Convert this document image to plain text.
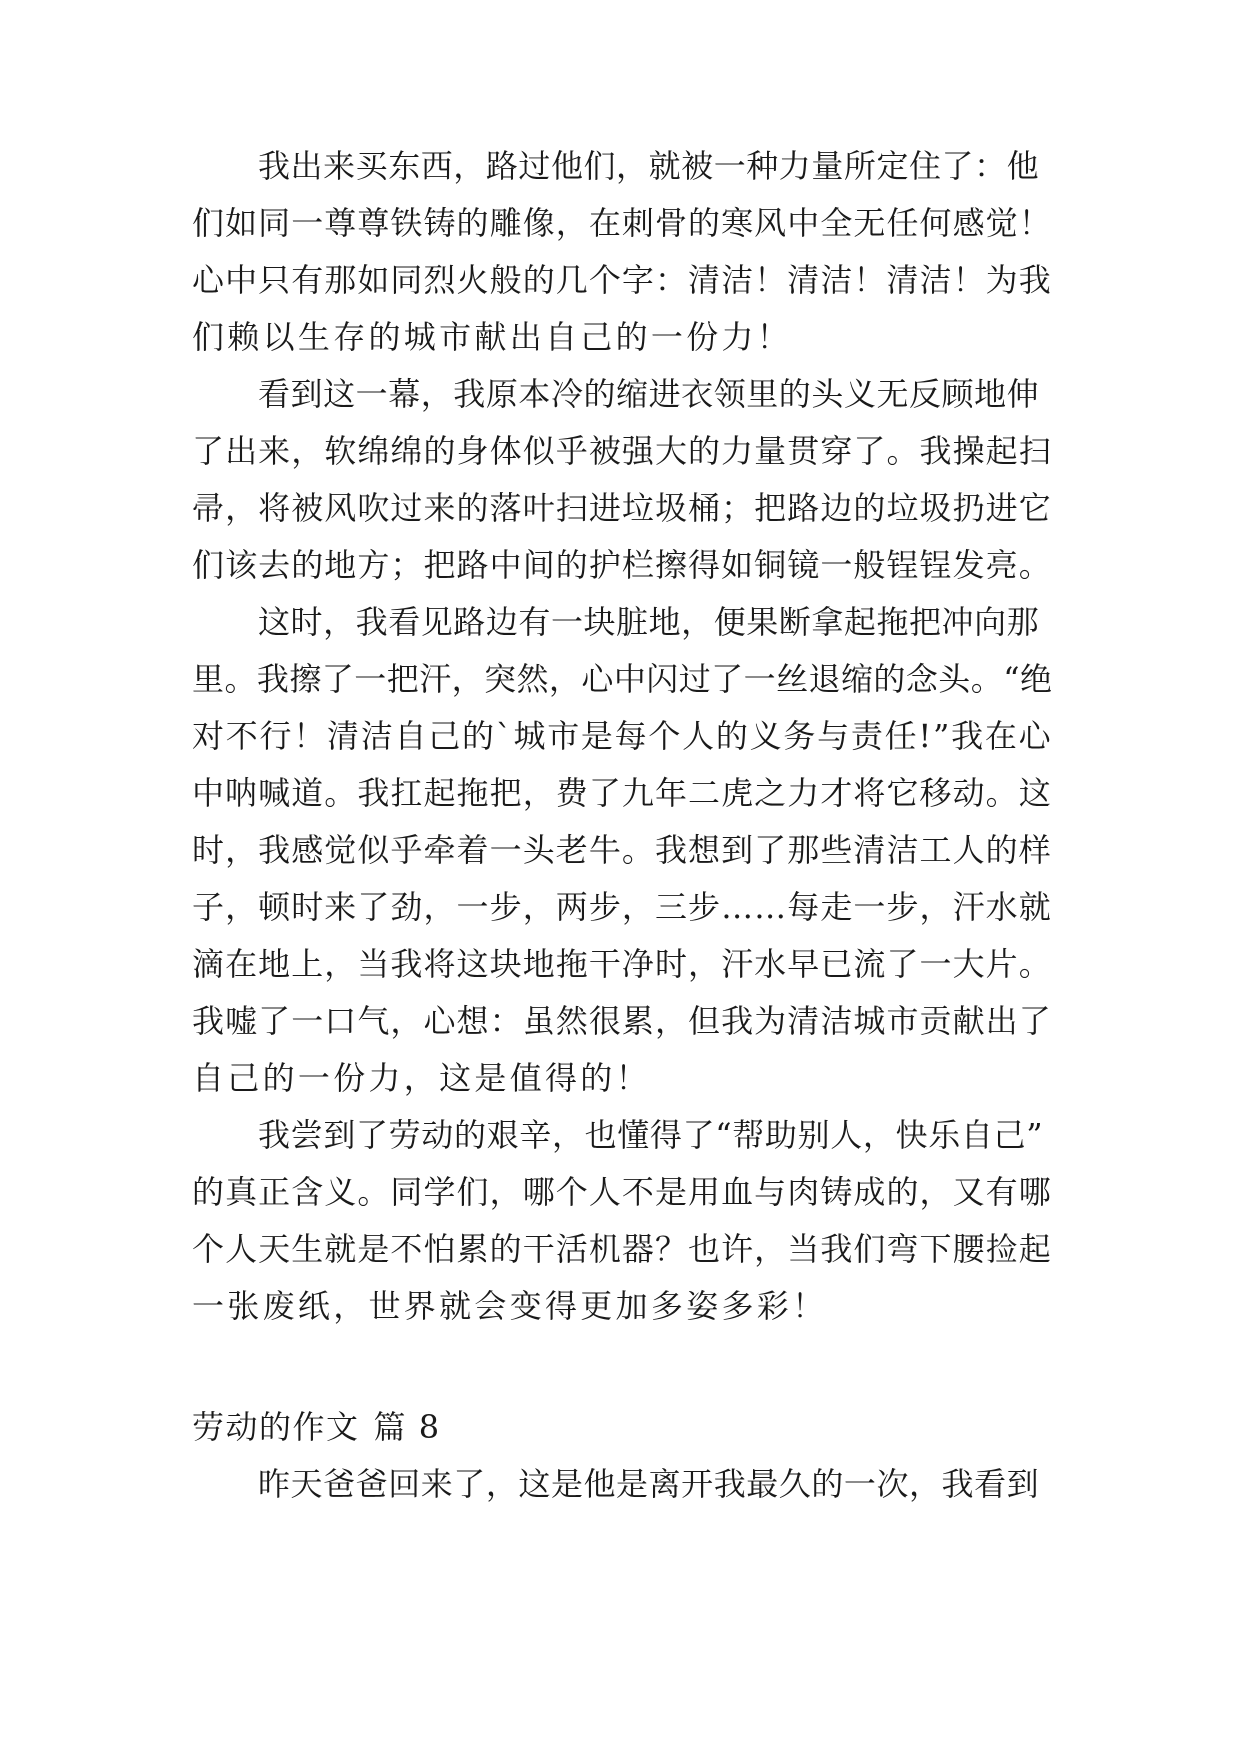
我出来买东西，路过他们，就被一种力量所定住了：他
们如同一尊尊铁铸的雕像，在刺骨的寒风中全无任何感觉！
心中只有那如同烈火般的几个字：清洁！清洁！清洁！为我
们赖以生存的城市献出自己的一份力！
看到这一幕，我原本冷的缩进衣领里的头义无反顾地伸
了出来，软绵绵的身体似乎被强大的力量贯穿了。我操起扫
帚，将被风吹过来的落叶扫进垃圾桶；把路边的垃圾扔进它
们该去的地方；把路中间的护栏擦得如铜镜一般锃锃发亮。
这时，我看见路边有一块脏地，便果断拿起拖把冲向那
里。我擦了一把汗，突然，心中闪过了一丝退缩的念头。“绝
对不行！清洁自己的`城市是每个人的义务与责任!”我在心
中呐喊道。我扛起拖把，费了九年二虎之力才将它移动。这
时，我感觉似乎牵着一头老牛。我想到了那些清洁工人的样
子，顿时来了劲，一步，两步，三步……每走一步，汗水就
滴在地上，当我将这块地拖干净时，汗水早已流了一大片。
我嘘了一口气，心想：虽然很累，但我为清洁城市贡献出了
自己的一份力，这是值得的！
我尝到了劳动的艰辛，也懂得了“帮助别人，快乐自己”
的真正含义。同学们，哪个人不是用血与肉铸成的，又有哪
个人天生就是不怕累的干活机器？也许，当我们弯下腰捡起
一张废纸，世界就会变得更加多姿多彩！
劳动的作文 篇 8
昨天爸爸回来了，这是他是离开我最久的一次，我看到
